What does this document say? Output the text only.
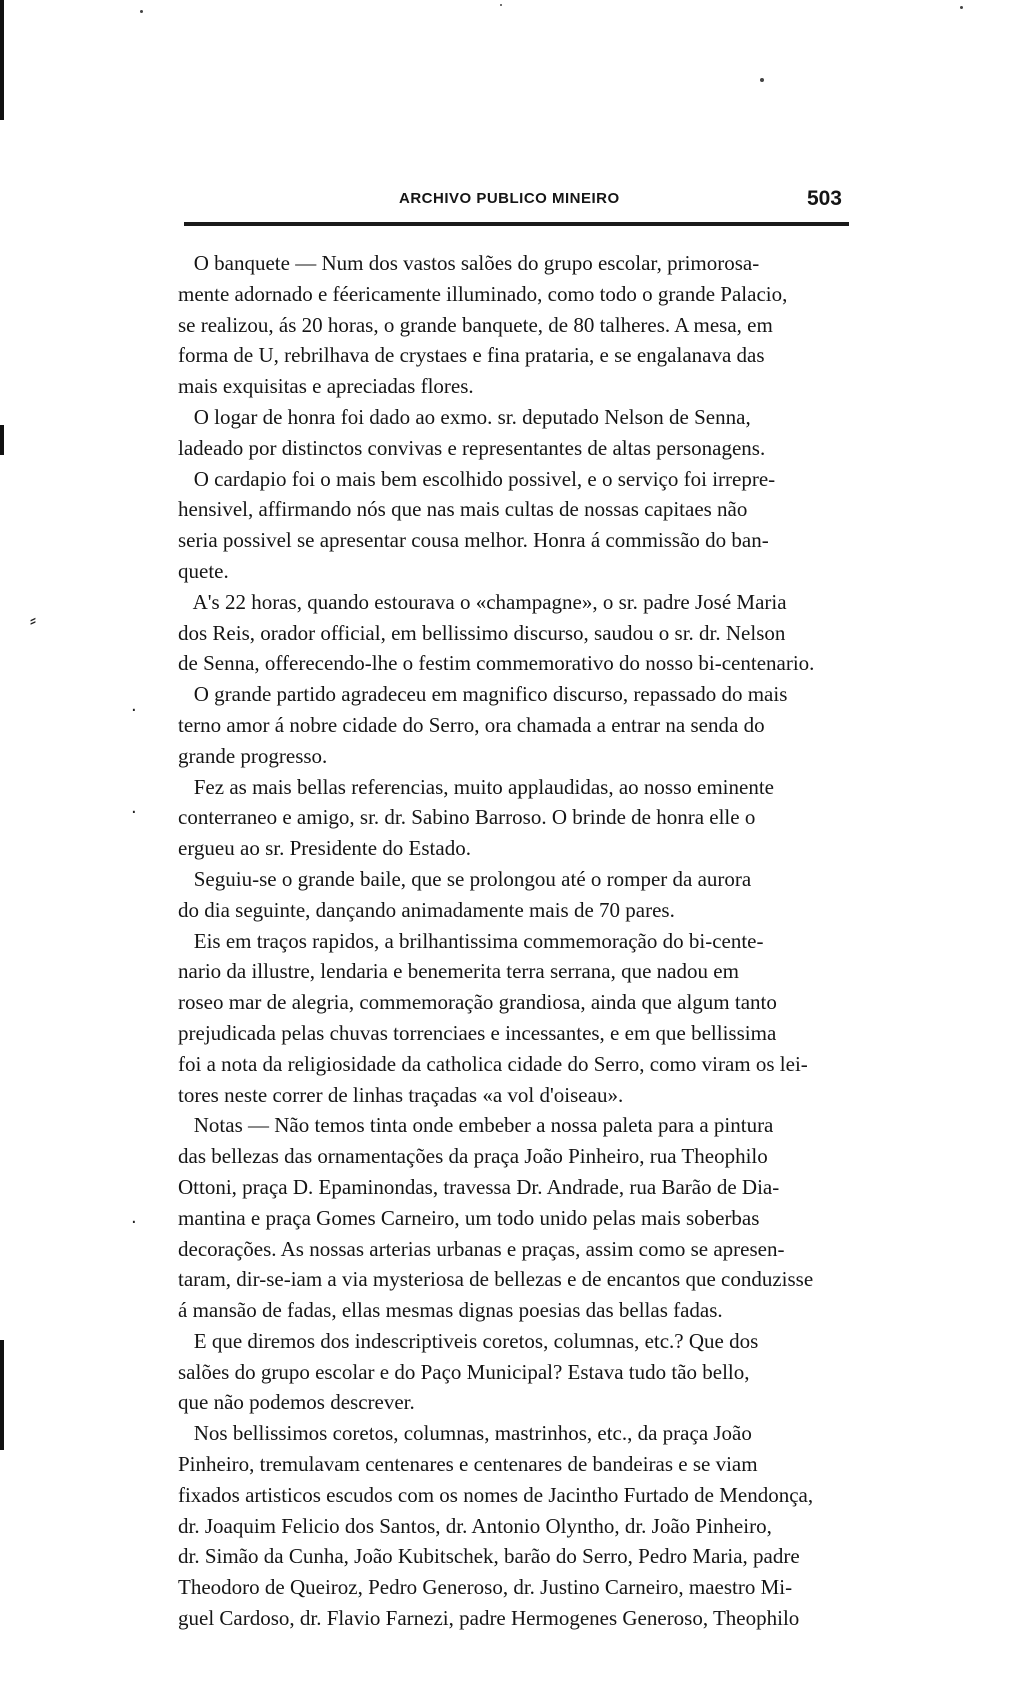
⸗
·
·
·
ARCHIVO PUBLICO MINEIRO	503
O banquete — Num dos vastos salões do grupo escolar, primorosa-
mente adornado e féericamente illuminado, como todo o grande Palacio,
se realizou, ás 20 horas, o grande banquete, de 80 talheres. A mesa, em
forma de U, rebrilhava de crystaes e fina prataria, e se engalanava das
mais exquisitas e apreciadas flores.
O logar de honra foi dado ao exmo. sr. deputado Nelson de Senna,
ladeado por distinctos convivas e representantes de altas personagens.
O cardapio foi o mais bem escolhido possivel, e o serviço foi irrepre-
hensivel, affirmando nós que nas mais cultas de nossas capitaes não
seria possivel se apresentar cousa melhor. Honra á commissão do ban-
quete.
A's 22 horas, quando estourava o «champagne», o sr. padre José Maria
dos Reis, orador official, em bellissimo discurso, saudou o sr. dr. Nelson
de Senna, offerecendo-lhe o festim commemorativo do nosso bi-centenario.
O grande partido agradeceu em magnifico discurso, repassado do mais
terno amor á nobre cidade do Serro, ora chamada a entrar na senda do
grande progresso.
Fez as mais bellas referencias, muito applaudidas, ao nosso eminente
conterraneo e amigo, sr. dr. Sabino Barroso. O brinde de honra elle o
ergueu ao sr. Presidente do Estado.
Seguiu-se o grande baile, que se prolongou até o romper da aurora
do dia seguinte, dançando animadamente mais de 70 pares.
Eis em traços rapidos, a brilhantissima commemoração do bi-cente-
nario da illustre, lendaria e benemerita terra serrana, que nadou em
roseo mar de alegria, commemoração grandiosa, ainda que algum tanto
prejudicada pelas chuvas torrenciaes e incessantes, e em que bellissima
foi a nota da religiosidade da catholica cidade do Serro, como viram os lei-
tores neste correr de linhas traçadas «a vol d'oiseau».
Notas — Não temos tinta onde embeber a nossa paleta para a pintura
das bellezas das ornamentações da praça João Pinheiro, rua Theophilo
Ottoni, praça D. Epaminondas, travessa Dr. Andrade, rua Barão de Dia-
mantina e praça Gomes Carneiro, um todo unido pelas mais soberbas
decorações. As nossas arterias urbanas e praças, assim como se apresen-
taram, dir-se-iam a via mysteriosa de bellezas e de encantos que conduzisse
á mansão de fadas, ellas mesmas dignas poesias das bellas fadas.
E que diremos dos indescriptiveis coretos, columnas, etc.? Que dos
salões do grupo escolar e do Paço Municipal? Estava tudo tão bello,
que não podemos descrever.
Nos bellissimos coretos, columnas, mastrinhos, etc., da praça João
Pinheiro, tremulavam centenares e centenares de bandeiras e se viam
fixados artisticos escudos com os nomes de Jacintho Furtado de Mendonça,
dr. Joaquim Felicio dos Santos, dr. Antonio Olyntho, dr. João Pinheiro,
dr. Simão da Cunha, João Kubitschek, barão do Serro, Pedro Maria, padre
Theodoro de Queiroz, Pedro Generoso, dr. Justino Carneiro, maestro Mi-
guel Cardoso, dr. Flavio Farnezi, padre Hermogenes Generoso, Theophilo
